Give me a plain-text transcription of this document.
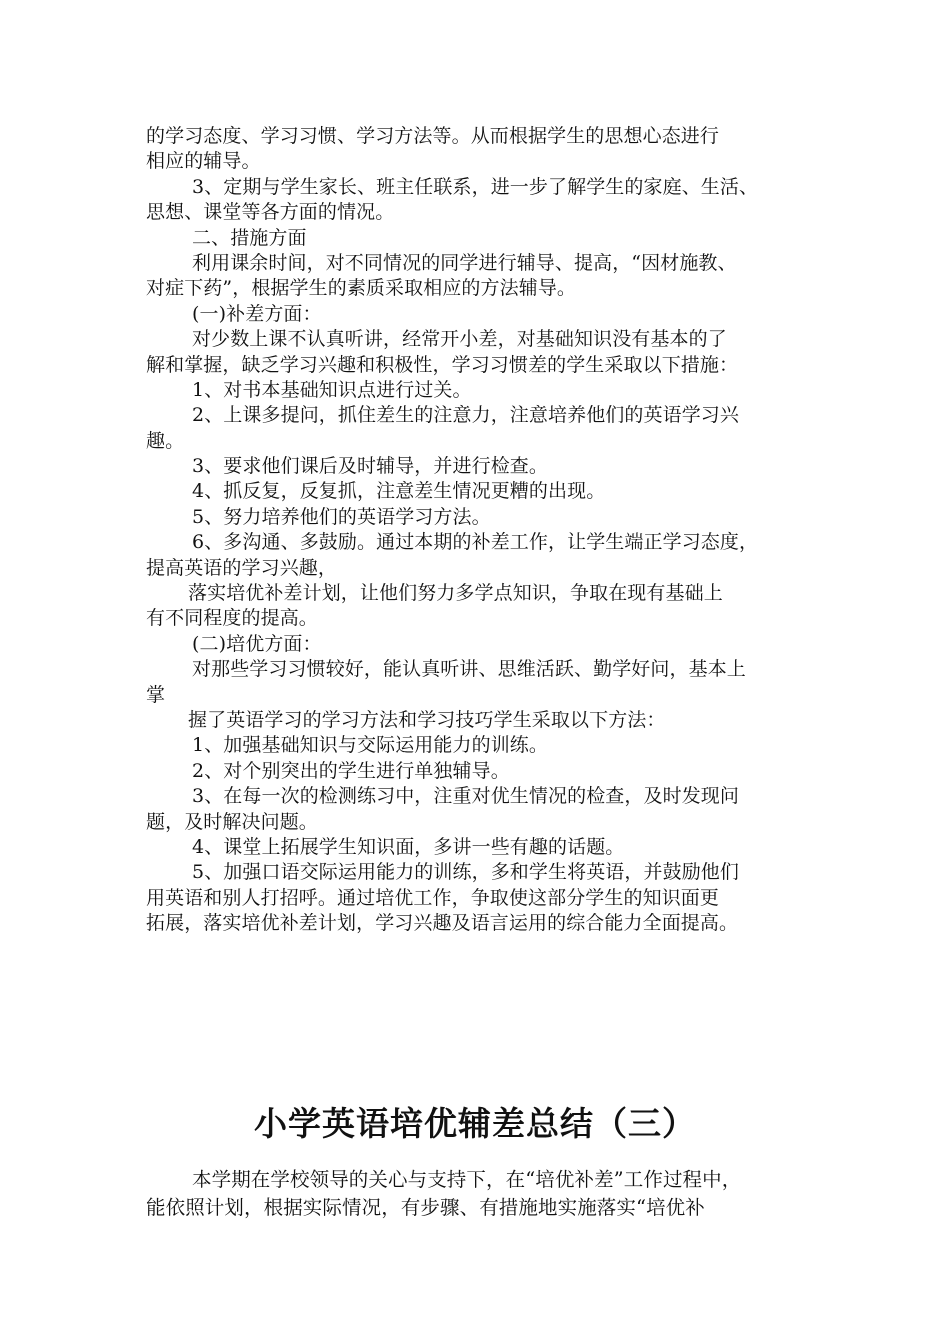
的学习态度、学习习惯、学习方法等。从而根据学生的思想心态进行
相应的辅导。
3、定期与学生家长、班主任联系，进一步了解学生的家庭、生活、
思想、课堂等各方面的情况。
二、措施方面
利用课余时间，对不同情况的同学进行辅导、提高，“因材施教、
对症下药”，根据学生的素质采取相应的方法辅导。
(一)补差方面：
对少数上课不认真听讲，经常开小差，对基础知识没有基本的了
解和掌握，缺乏学习兴趣和积极性，学习习惯差的学生采取以下措施：
1、对书本基础知识点进行过关。
2、上课多提问，抓住差生的注意力，注意培养他们的英语学习兴
趣。
3、要求他们课后及时辅导，并进行检查。
4、抓反复，反复抓，注意差生情况更糟的出现。
5、努力培养他们的英语学习方法。
6、多沟通、多鼓励。通过本期的补差工作，让学生端正学习态度，
提高英语的学习兴趣，
落实培优补差计划，让他们努力多学点知识，争取在现有基础上
有不同程度的提高。
(二)培优方面：
对那些学习习惯较好，能认真听讲、思维活跃、勤学好问，基本上
掌
握了英语学习的学习方法和学习技巧学生采取以下方法：
1、加强基础知识与交际运用能力的训练。
2、对个别突出的学生进行单独辅导。
3、在每一次的检测练习中，注重对优生情况的检查，及时发现问
题，及时解决问题。
4、课堂上拓展学生知识面，多讲一些有趣的话题。
5、加强口语交际运用能力的训练，多和学生将英语，并鼓励他们
用英语和别人打招呼。通过培优工作，争取使这部分学生的知识面更
拓展，落实培优补差计划，学习兴趣及语言运用的综合能力全面提高。
小学英语培优辅差总结（三）
本学期在学校领导的关心与支持下，在“培优补差”工作过程中，
能依照计划，根据实际情况，有步骤、有措施地实施落实“培优补
